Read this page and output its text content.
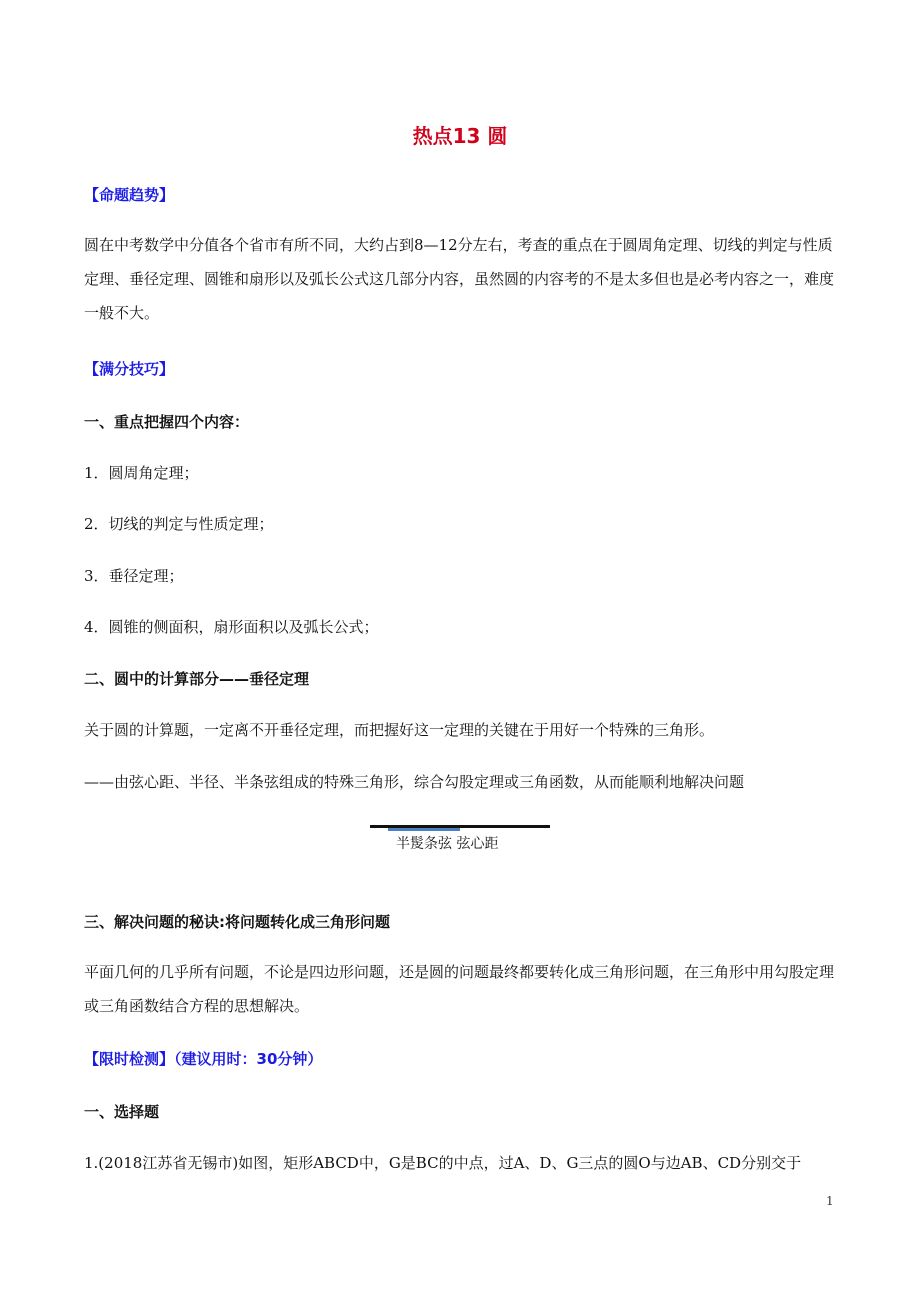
热点13 圆
【命题趋势】
圆在中考数学中分值各个省市有所不同，大约占到8—12分左右，考查的重点在于圆周角定理、切线的判定与性质定理、垂径定理、圆锥和扇形以及弧长公式这几部分内容，虽然圆的内容考的不是太多但也是必考内容之一，难度一般不大。
【满分技巧】
一、重点把握四个内容：
1．圆周角定理；
2．切线的判定与性质定理；
3．垂径定理；
4．圆锥的侧面积，扇形面积以及弧长公式；
二、圆中的计算部分——垂径定理
关于圆的计算题，一定离不开垂径定理，而把握好这一定理的关键在于用好一个特殊的三角形。
——由弦心距、半径、半条弦组成的特殊三角形，综合勾股定理或三角函数，从而能顺利地解决问题
半髲条弦 弦心距
三、解决问题的秘诀:将问题转化成三角形问题
平面几何的几乎所有问题，不论是四边形问题，还是圆的问题最终都要转化成三角形问题，在三角形中用勾股定理或三角函数结合方程的思想解决。
【限时检测】（建议用时：30分钟）
一、选择题
1.(2018江苏省无锡市)如图，矩形ABCD中，G是BC的中点，过A、D、G三点的圆O与边AB、CD分别交于
1
